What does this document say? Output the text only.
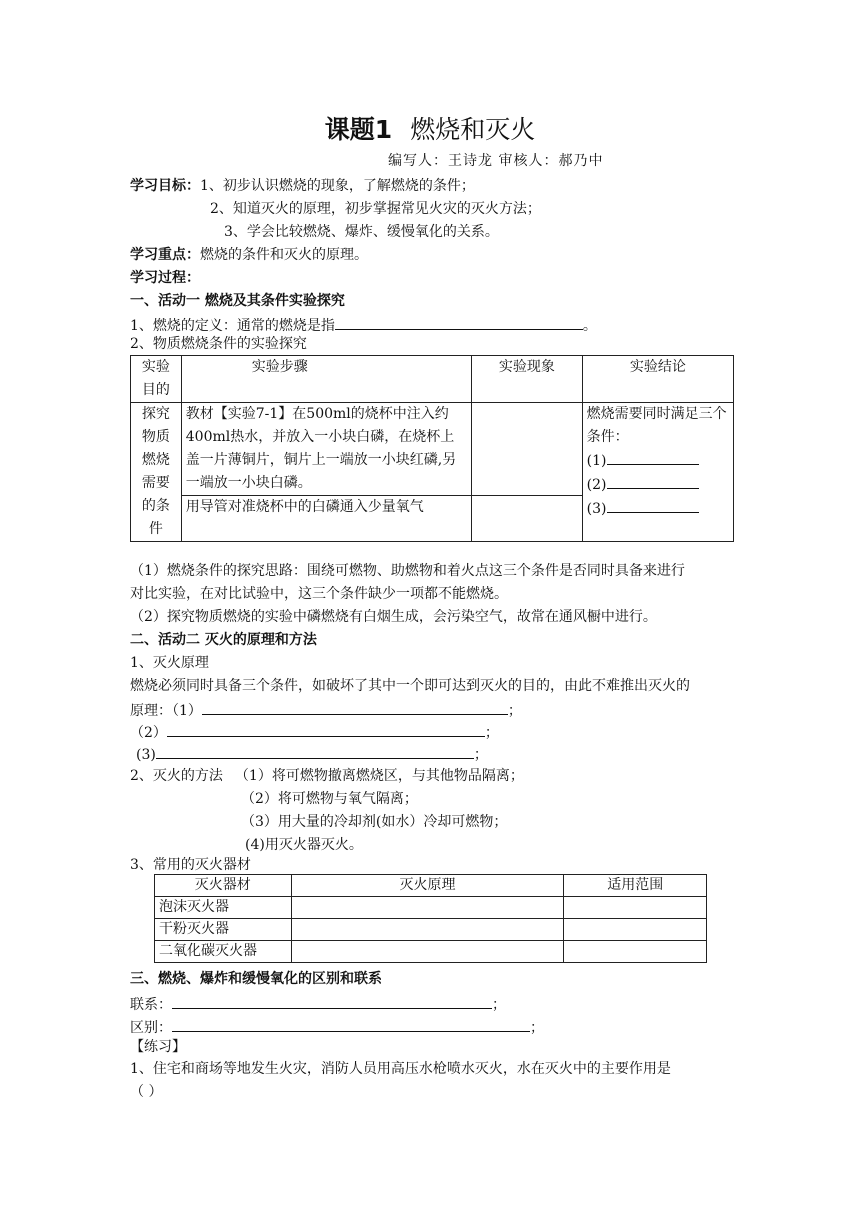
课题1 燃烧和灭火
编写人：王诗龙 审核人：郝乃中
学习目标：1、初步认识燃烧的现象，了解燃烧的条件；
2、知道灭火的原理，初步掌握常见火灾的灭火方法；
3、学会比较燃烧、爆炸、缓慢氧化的关系。
学习重点：燃烧的条件和灭火的原理。
学习过程：
一、活动一 燃烧及其条件实验探究
1、燃烧的定义：通常的燃烧是指	。
2、物质燃烧条件的实验探究
实验目的	实验步骤	实验现象	实验结论
探究物质燃烧需要的条件	教材【实验7-1】在500ml的烧杯中注入约400ml热水，并放入一小块白磷，在烧杯上盖一片薄铜片，铜片上一端放一小块红磷,另一端放一小块白磷。		燃烧需要同时满足三个条件：
(1)
(2)
(3)

	用导管对准烧杯中的白磷通入少量氧气		
（1）燃烧条件的探究思路：围绕可燃物、助燃物和着火点这三个条件是否同时具备来进行
对比实验，在对比试验中，这三个条件缺少一项都不能燃烧。
（2）探究物质燃烧的实验中磷燃烧有白烟生成，会污染空气，故常在通风橱中进行。
二、活动二 灭火的原理和方法
1、灭火原理
燃烧必须同时具备三个条件，如破坏了其中一个即可达到灭火的目的，由此不难推出灭火的
原理：（1）	；
（2）	；
(3)	；
2、灭火的方法 （1）将可燃物撤离燃烧区，与其他物品隔离；
（2）将可燃物与氧气隔离；
（3）用大量的冷却剂(如水）冷却可燃物；
(4)用灭火器灭火。
3、常用的灭火器材
灭火器材	灭火原理	适用范围
泡沫灭火器		
干粉灭火器		
二氧化碳灭火器		
三、燃烧、爆炸和缓慢氧化的区别和联系
联系：	；
区别：	；
【练习】
1、住宅和商场等地发生火灾，消防人员用高压水枪喷水灭火，水在灭火中的主要作用是
（ ）
